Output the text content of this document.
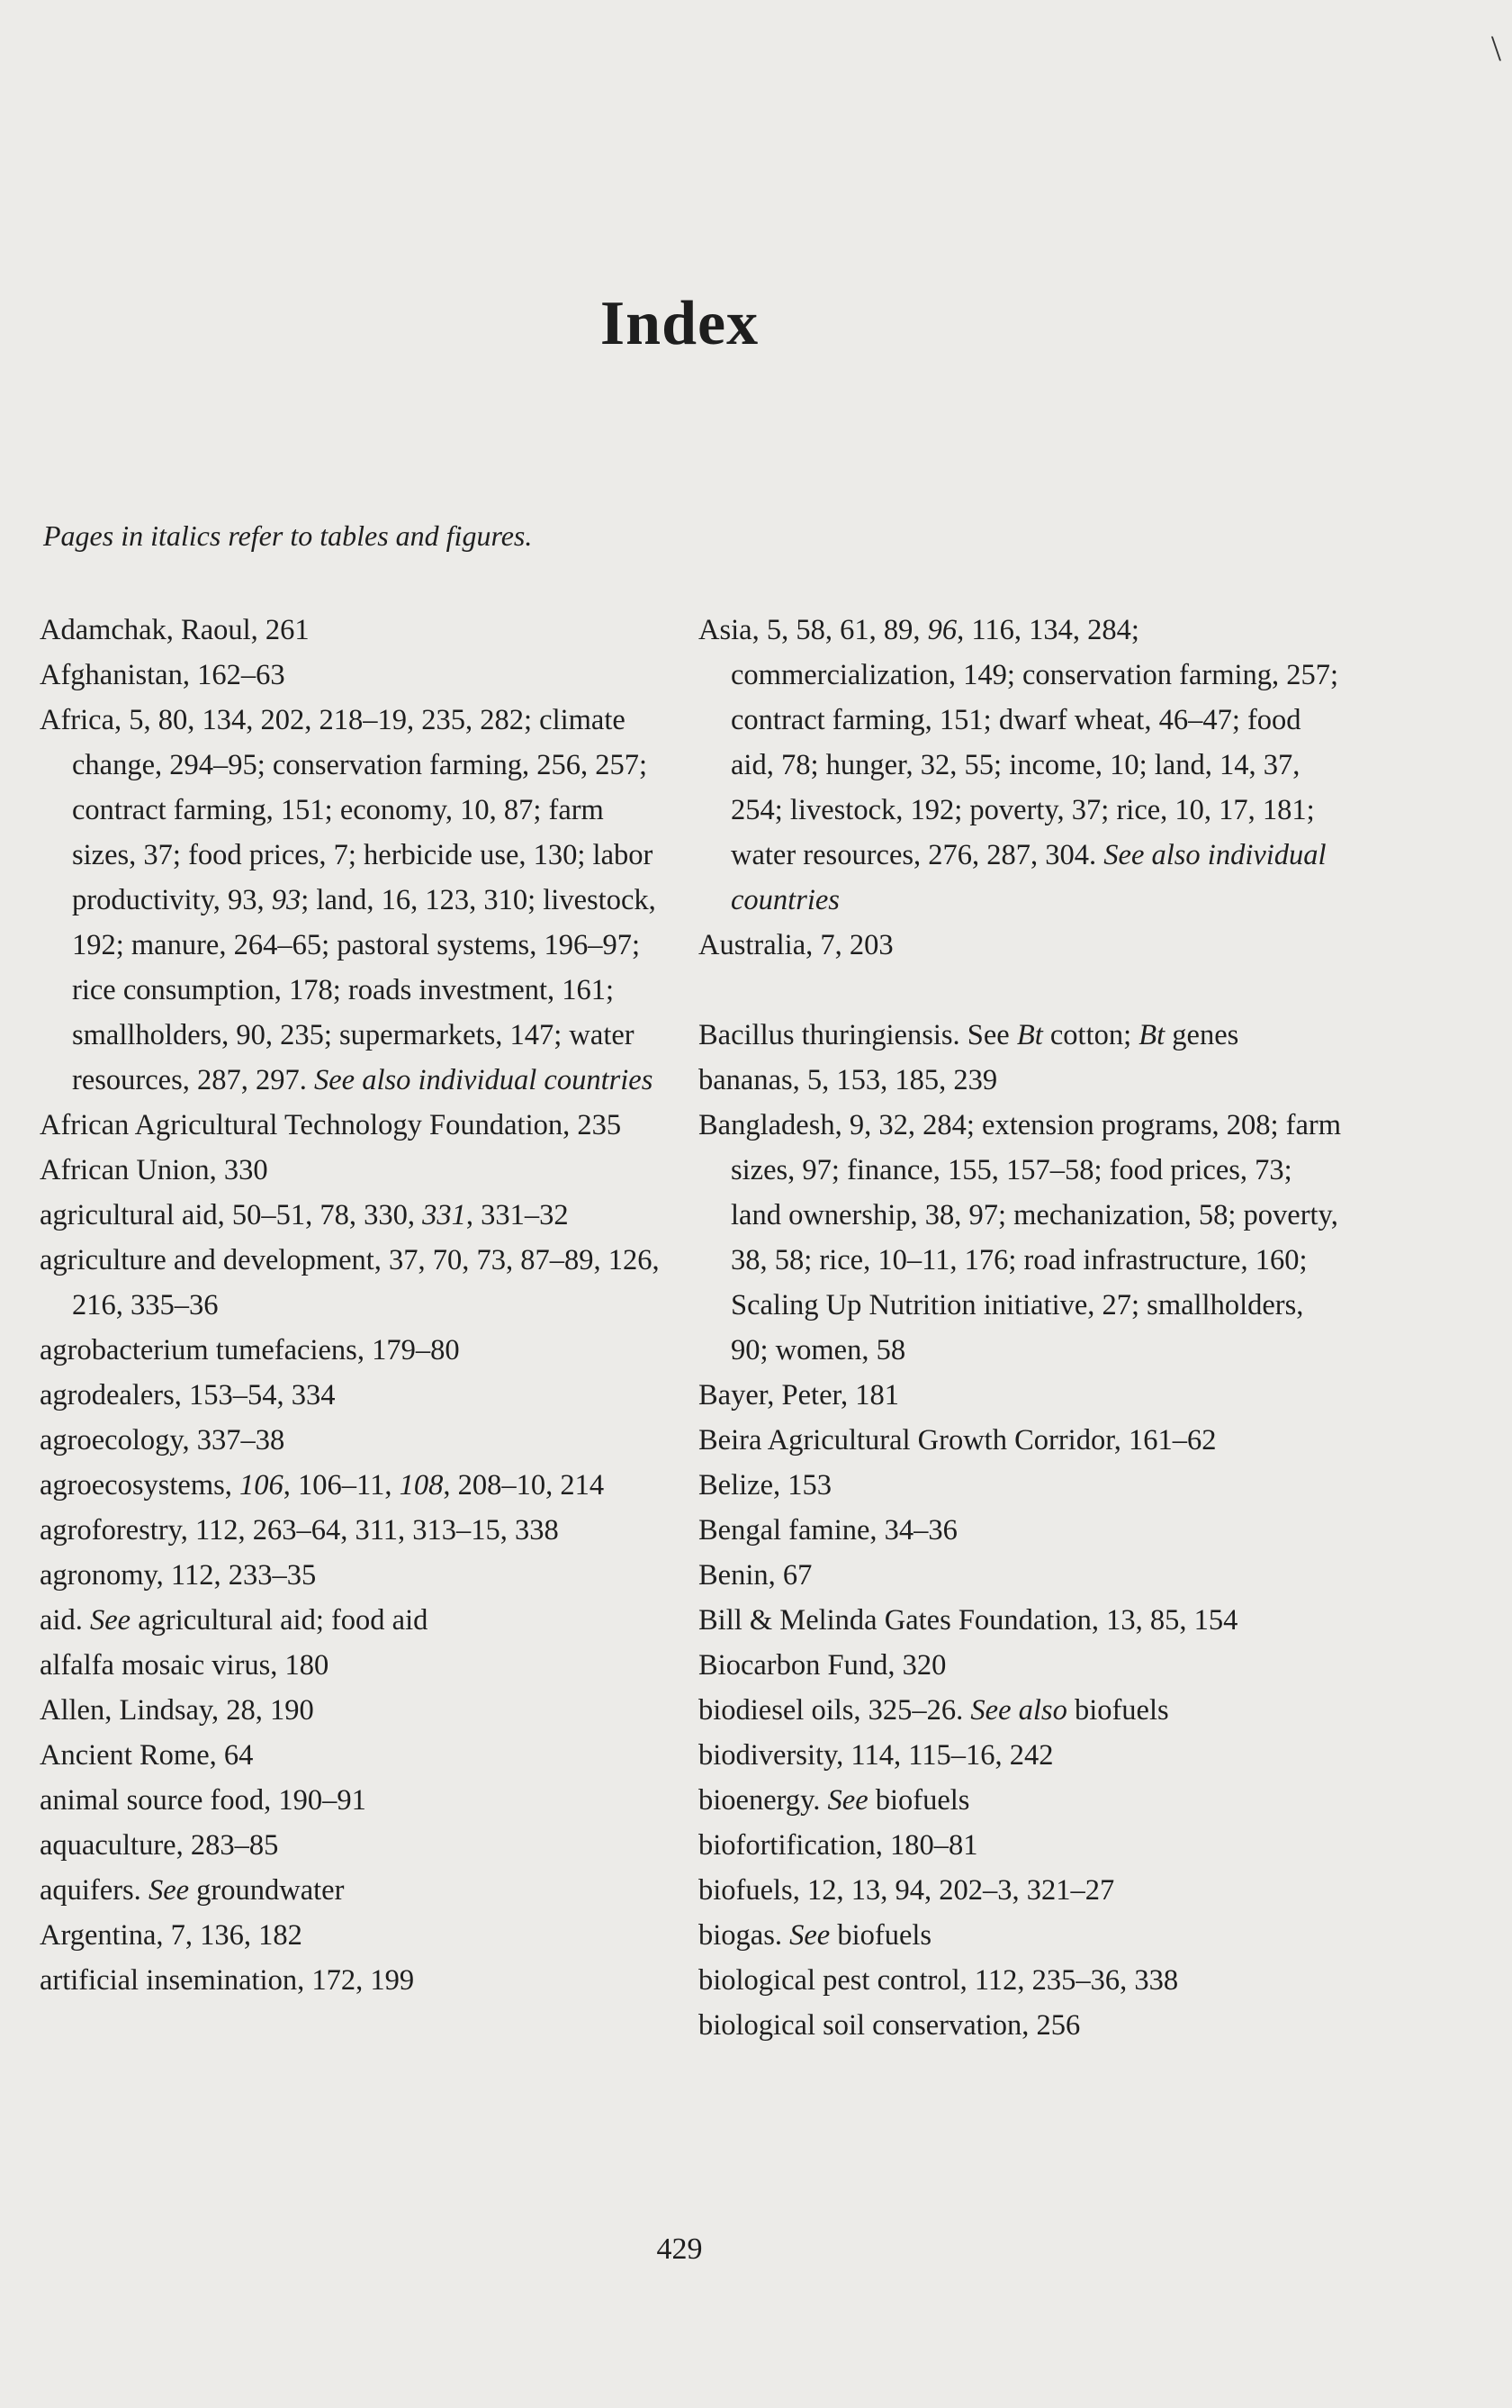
\
Index
Pages in italics refer to tables and figures.

Adamchak, Raoul, 261

Afghanistan, 162–63

Africa, 5, 80, 134, 202, 218–19, 235, 282; climate change, 294–95; conservation farming, 256, 257; contract farming, 151; economy, 10, 87; farm sizes, 37; food prices, 7; herbicide use, 130; labor productivity, 93, 93; land, 16, 123, 310; livestock, 192; manure, 264–65; pastoral systems, 196–97; rice consumption, 178; roads investment, 161; smallholders, 90, 235; supermarkets, 147; water resources, 287, 297. See also individual countries

African Agricultural Technology Foundation, 235

African Union, 330

agricultural aid, 50–51, 78, 330, 331, 331–32

agriculture and development, 37, 70, 73, 87–89, 126, 216, 335–36

agrobacterium tumefaciens, 179–80

agrodealers, 153–54, 334

agroecology, 337–38

agroecosystems, 106, 106–11, 108, 208–10, 214

agroforestry, 112, 263–64, 311, 313–15, 338

agronomy, 112, 233–35

aid. See agricultural aid; food aid

alfalfa mosaic virus, 180

Allen, Lindsay, 28, 190

Ancient Rome, 64

animal source food, 190–91

aquaculture, 283–85

aquifers. See groundwater

Argentina, 7, 136, 182

artificial insemination, 172, 199

Asia, 5, 58, 61, 89, 96, 116, 134, 284; commercialization, 149; conservation farming, 257; contract farming, 151; dwarf wheat, 46–47; food aid, 78; hunger, 32, 55; income, 10; land, 14, 37, 254; livestock, 192; poverty, 37; rice, 10, 17, 181; water resources, 276, 287, 304. See also individual countries

Australia, 7, 203

Bacillus thuringiensis. See Bt cotton; Bt genes

bananas, 5, 153, 185, 239

Bangladesh, 9, 32, 284; extension programs, 208; farm sizes, 97; finance, 155, 157–58; food prices, 73; land ownership, 38, 97; mechanization, 58; poverty, 38, 58; rice, 10–11, 176; road infrastructure, 160; Scaling Up Nutrition initiative, 27; smallholders, 90; women, 58

Bayer, Peter, 181

Beira Agricultural Growth Corridor, 161–62

Belize, 153

Bengal famine, 34–36

Benin, 67

Bill & Melinda Gates Foundation, 13, 85, 154

Biocarbon Fund, 320

biodiesel oils, 325–26. See also biofuels

biodiversity, 114, 115–16, 242

bioenergy. See biofuels

biofortification, 180–81

biofuels, 12, 13, 94, 202–3, 321–27

biogas. See biofuels

biological pest control, 112, 235–36, 338

biological soil conservation, 256

429
